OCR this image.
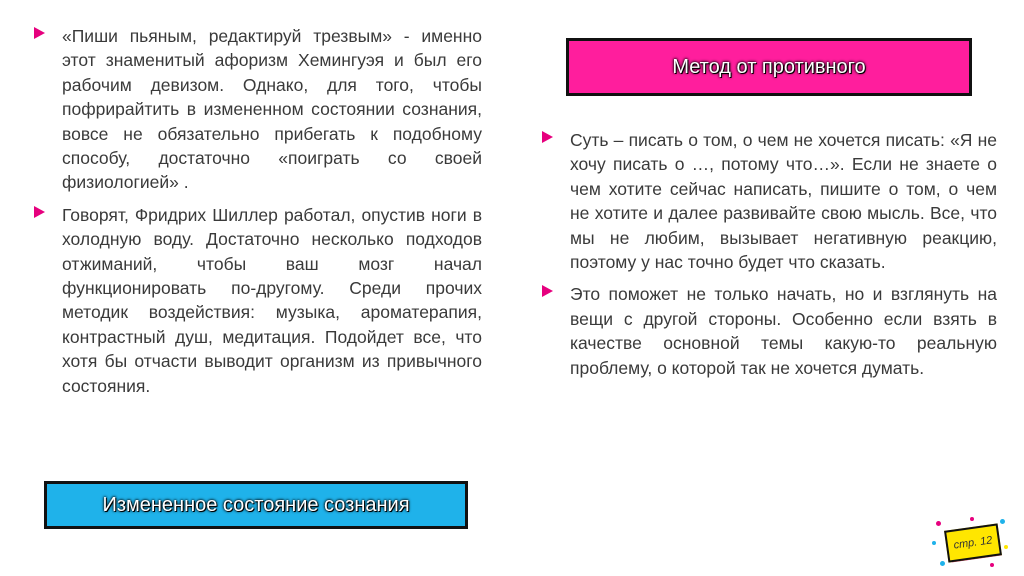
«Пиши пьяным, редактируй трезвым» - именно этот знаменитый афоризм Хемингуэя и был его рабочим девизом. Однако, для того, чтобы пофрирайтить в измененном состоянии сознания, вовсе не обязательно прибегать к подобному способу, достаточно «поиграть со своей физиологией» .

Говорят, Фридрих Шиллер работал, опустив ноги в холодную воду. Достаточно несколько подходов отжиманий, чтобы ваш мозг начал функционировать по-другому. Среди прочих методик воздействия: музыка, ароматерапия, контрастный душ, медитация. Подойдет все, что хотя бы отчасти выводит организм из привычного состояния.

Измененное состояние сознания
Метод от противного

Суть – писать о том, о чем не хочется писать: «Я не хочу писать о …, потому что…». Если не знаете о чем хотите сейчас написать, пишите о том, о чем не хотите и далее развивайте свою мысль. Все, что мы не любим, вызывает негативную реакцию, поэтому у нас точно будет что сказать.

Это поможет не только начать, но и взглянуть на вещи с другой стороны. Особенно если взять в качестве основной темы какую-то реальную проблему, о которой так не хочется думать.

стр. 12
